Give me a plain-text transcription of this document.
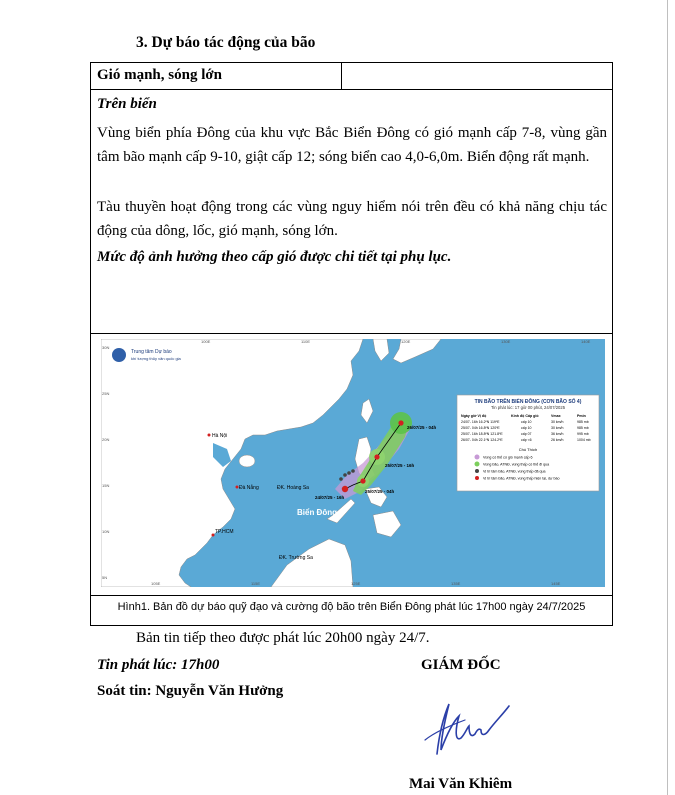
3. Dự báo tác động của bão
Gió mạnh, sóng lớn
Trên biển
Vùng biển phía Đông của khu vực Bắc Biển Đông có gió mạnh cấp 7-8, vùng gần tâm bão mạnh cấp 9-10, giật cấp 12; sóng biển cao 4,0-6,0m. Biển động rất mạnh.
Tàu thuyền hoạt động trong các vùng nguy hiểm nói trên đều có khả năng chịu tác động của dông, lốc, gió mạnh, sóng lớn.
Mức độ ảnh hưởng theo cấp gió được chi tiết tại phụ lục.
Trung tâm Dự báo
khí tượng thủy văn quốc gia
100E	110E	120E	130E	140E
105E	115E	125E	135E	145E
30N
25N
20N
15N
10N
5N
Hà Nội
Đà Nẵng	ĐK. Hoàng Sa
TP.HCM
ĐK. Trường Sa
Biển Đông
24/07/25 - 16h
25/07/25 - 04h
25/07/25 - 16h
26/07/25 - 04h
TIN BÃO TRÊN BIỂN ĐÔNG (CƠN BÃO SỐ 4)
Tin phát lúc: 17 giờ 00 phút, 24/07/2025
Ngày giờ Vị độ	Kinh độ Cấp gió	Vmax	Pmin
24/07- 16h 16.2ºN 119ºE	cấp 10	30 km/h	985 mb
25/07- 04h 16.8ºN 120ºE	cấp 10	30 km/h	985 mb
25/07- 16h 18.8ºN 121.8ºE	cấp 07	36 km/h	995 mb
26/07- 04h 22.1ºN 124.2ºE	cấp <6	26 km/h	1004 mb
Chú Thích
Vùng có thể có gió mạnh cấp 6
Vùng bão, ATNĐ, vùng thấp có thể đi qua
Vị trí tâm bão, ATNĐ, vùng thấp đã qua
Vị trí tâm bão, ATNĐ, vùng thấp hiện tại, dự báo
Hình1. Bản đồ dự báo quỹ đạo và cường độ bão trên Biển Đông phát lúc 17h00 ngày 24/7/2025
Bản tin tiếp theo được phát lúc 20h00 ngày 24/7.
Tin phát lúc: 17h00
Soát tin: Nguyễn Văn Hưởng
GIÁM ĐỐC
Mai Văn Khiêm
